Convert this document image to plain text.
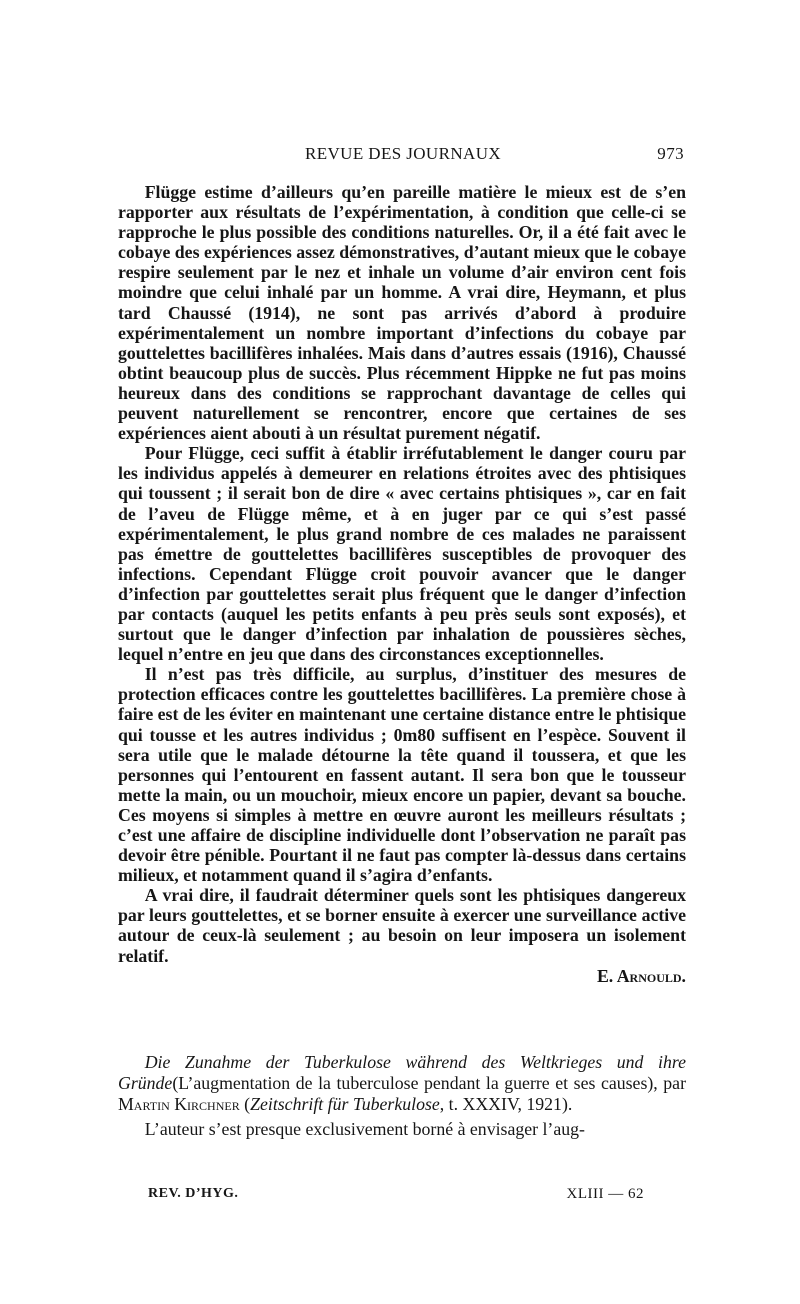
REVUE DES JOURNAUX	973

Flügge estime d’ailleurs qu’en pareille matière le mieux est de s’en rapporter aux résultats de l’expérimentation, à condition que celle-ci se rapproche le plus possible des conditions naturelles. Or, il a été fait avec le cobaye des expériences assez démonstratives, d’autant mieux que le cobaye respire seulement par le nez et inhale un volume d’air environ cent fois moindre que celui inhalé par un homme. A vrai dire, Heymann, et plus tard Chaussé (1914), ne sont pas arrivés d’abord à produire expérimentalement un nombre important d’infections du cobaye par gouttelettes bacillifères inhalées. Mais dans d’autres essais (1916), Chaussé obtint beaucoup plus de succès. Plus récemment Hippke ne fut pas moins heureux dans des conditions se rapprochant davantage de celles qui peuvent naturellement se rencontrer, encore que certaines de ses expériences aient abouti à un résultat purement négatif.

Pour Flügge, ceci suffit à établir irréfutablement le danger couru par les individus appelés à demeurer en relations étroites avec des phtisiques qui toussent ; il serait bon de dire « avec certains phtisiques », car en fait de l’aveu de Flügge même, et à en juger par ce qui s’est passé expérimentalement, le plus grand nombre de ces malades ne paraissent pas émettre de gouttelettes bacillifères susceptibles de provoquer des infections. Cependant Flügge croit pouvoir avancer que le danger d’infection par gouttelettes serait plus fréquent que le danger d’infection par contacts (auquel les petits enfants à peu près seuls sont exposés), et surtout que le danger d’infection par inhalation de poussières sèches, lequel n’entre en jeu que dans des circonstances exceptionnelles.

Il n’est pas très difficile, au surplus, d’instituer des mesures de protection efficaces contre les gouttelettes bacillifères. La première chose à faire est de les éviter en maintenant une certaine distance entre le phtisique qui tousse et les autres individus ; 0m80 suffisent en l’espèce. Souvent il sera utile que le malade détourne la tête quand il toussera, et que les personnes qui l’entourent en fassent autant. Il sera bon que le tousseur mette la main, ou un mouchoir, mieux encore un papier, devant sa bouche. Ces moyens si simples à mettre en œuvre auront les meilleurs résultats ; c’est une affaire de discipline individuelle dont l’observation ne paraît pas devoir être pénible. Pourtant il ne faut pas compter là-dessus dans certains milieux, et notamment quand il s’agira d’enfants.

A vrai dire, il faudrait déterminer quels sont les phtisiques dangereux par leurs gouttelettes, et se borner ensuite à exercer une surveillance active autour de ceux-là seulement ; au besoin on leur imposera un isolement relatif.

E. Arnould.

Die Zunahme der Tuberkulose während des Weltkrieges und ihre Gründe(L’augmentation de la tuberculose pendant la guerre et ses causes), par Martin Kirchner (Zeitschrift für Tuberkulose, t. XXXIV, 1921).

L’auteur s’est presque exclusivement borné à envisager l’aug-

REV. D’HYG.	XLIII — 62
